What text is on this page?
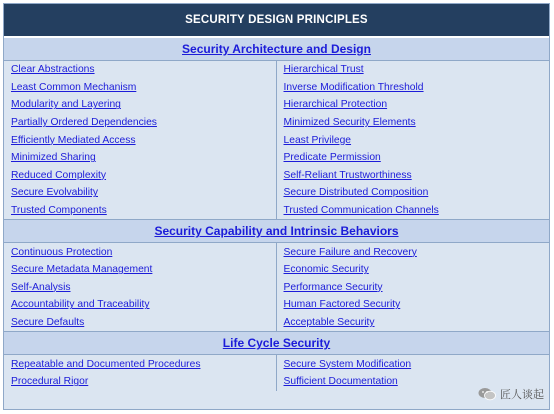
SECURITY DESIGN PRINCIPLES
Security Architecture and Design
Clear Abstractions
Least Common Mechanism
Modularity and Layering
Partially Ordered Dependencies
Efficiently Mediated Access
Minimized Sharing
Reduced Complexity
Secure Evolvability
Trusted Components
Hierarchical Trust
Inverse Modification Threshold
Hierarchical Protection
Minimized Security Elements
Least Privilege
Predicate Permission
Self-Reliant Trustworthiness
Secure Distributed Composition
Trusted Communication Channels
Security Capability and Intrinsic Behaviors
Continuous Protection
Secure Metadata Management
Self-Analysis
Accountability and Traceability
Secure Defaults
Secure Failure and Recovery
Economic Security
Performance Security
Human Factored Security
Acceptable Security
Life Cycle Security
Repeatable and Documented Procedures
Procedural Rigor
Secure System Modification
Sufficient Documentation
匠人谈起
